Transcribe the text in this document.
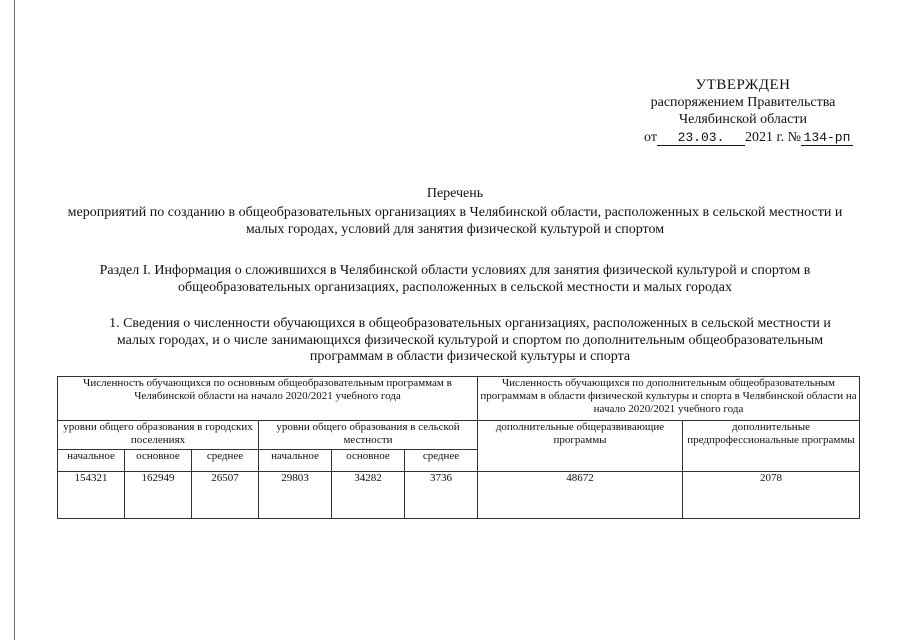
УТВЕРЖДЕН
распоряжением Правительства
Челябинской области
от 23.03. 2021 г. № 134-рп
Перечень
мероприятий по созданию в общеобразовательных организациях в Челябинской области, расположенных в сельской местности и малых городах, условий для занятия физической культурой и спортом
Раздел I. Информация о сложившихся в Челябинской области условиях для занятия физической культурой и спортом в общеобразовательных организациях, расположенных в сельской местности и малых городах
1. Сведения о численности обучающихся в общеобразовательных организациях, расположенных в сельской местности и малых городах, и о числе занимающихся физической культурой и спортом по дополнительным общеобразовательным программам в области физической культуры и спорта
Численность обучающихся по основным общеобразовательным программам в Челябинской области на начало 2020/2021 учебного года						Численность обучающихся по дополнительным общеобразовательным программам в области физической культуры и спорта в Челябинской области на начало 2020/2021 учебного года	
уровни общего образования в городских поселениях			уровни общего образования в сельской местности			дополнительные общеразвивающие программы	дополнительные предпрофессиональные программы
начальное	основное	среднее	начальное	основное	среднее		
154321	162949	26507	29803	34282	3736	48672	2078
